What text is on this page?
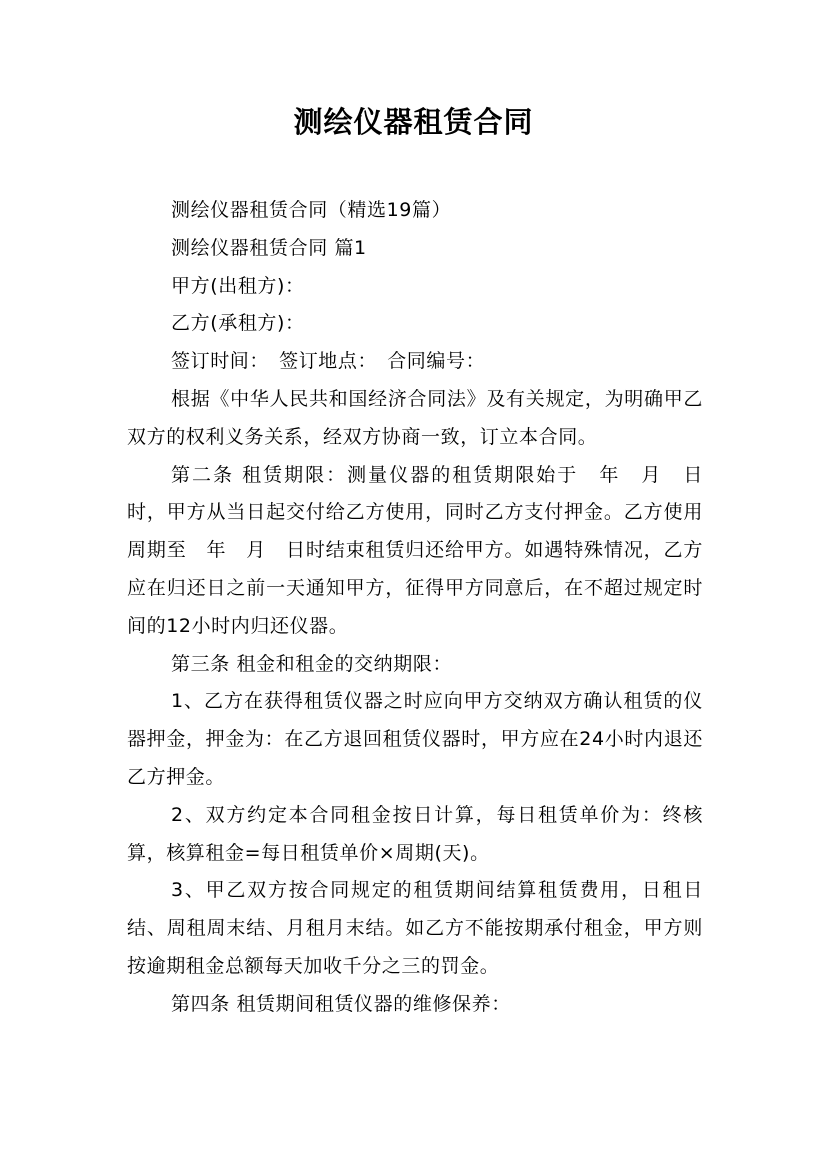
测绘仪器租赁合同

测绘仪器租赁合同（精选19篇）

测绘仪器租赁合同 篇1

甲方(出租方)：

乙方(承租方)：

签订时间：　签订地点：　合同编号：

根据《中华人民共和国经济合同法》及有关规定，为明确甲乙双方的权利义务关系，经双方协商一致，订立本合同。

第二条 租赁期限：测量仪器的租赁期限始于　年　月　日时，甲方从当日起交付给乙方使用，同时乙方支付押金。乙方使用周期至　年　月　日时结束租赁归还给甲方。如遇特殊情况，乙方应在归还日之前一天通知甲方，征得甲方同意后，在不超过规定时间的12小时内归还仪器。

第三条 租金和租金的交纳期限：

1、乙方在获得租赁仪器之时应向甲方交纳双方确认租赁的仪器押金，押金为：在乙方退回租赁仪器时，甲方应在24小时内退还乙方押金。

2、双方约定本合同租金按日计算，每日租赁单价为：终核算，核算租金=每日租赁单价×周期(天)。

3、甲乙双方按合同规定的租赁期间结算租赁费用，日租日结、周租周末结、月租月末结。如乙方不能按期承付租金，甲方则按逾期租金总额每天加收千分之三的罚金。

第四条 租赁期间租赁仪器的维修保养：
